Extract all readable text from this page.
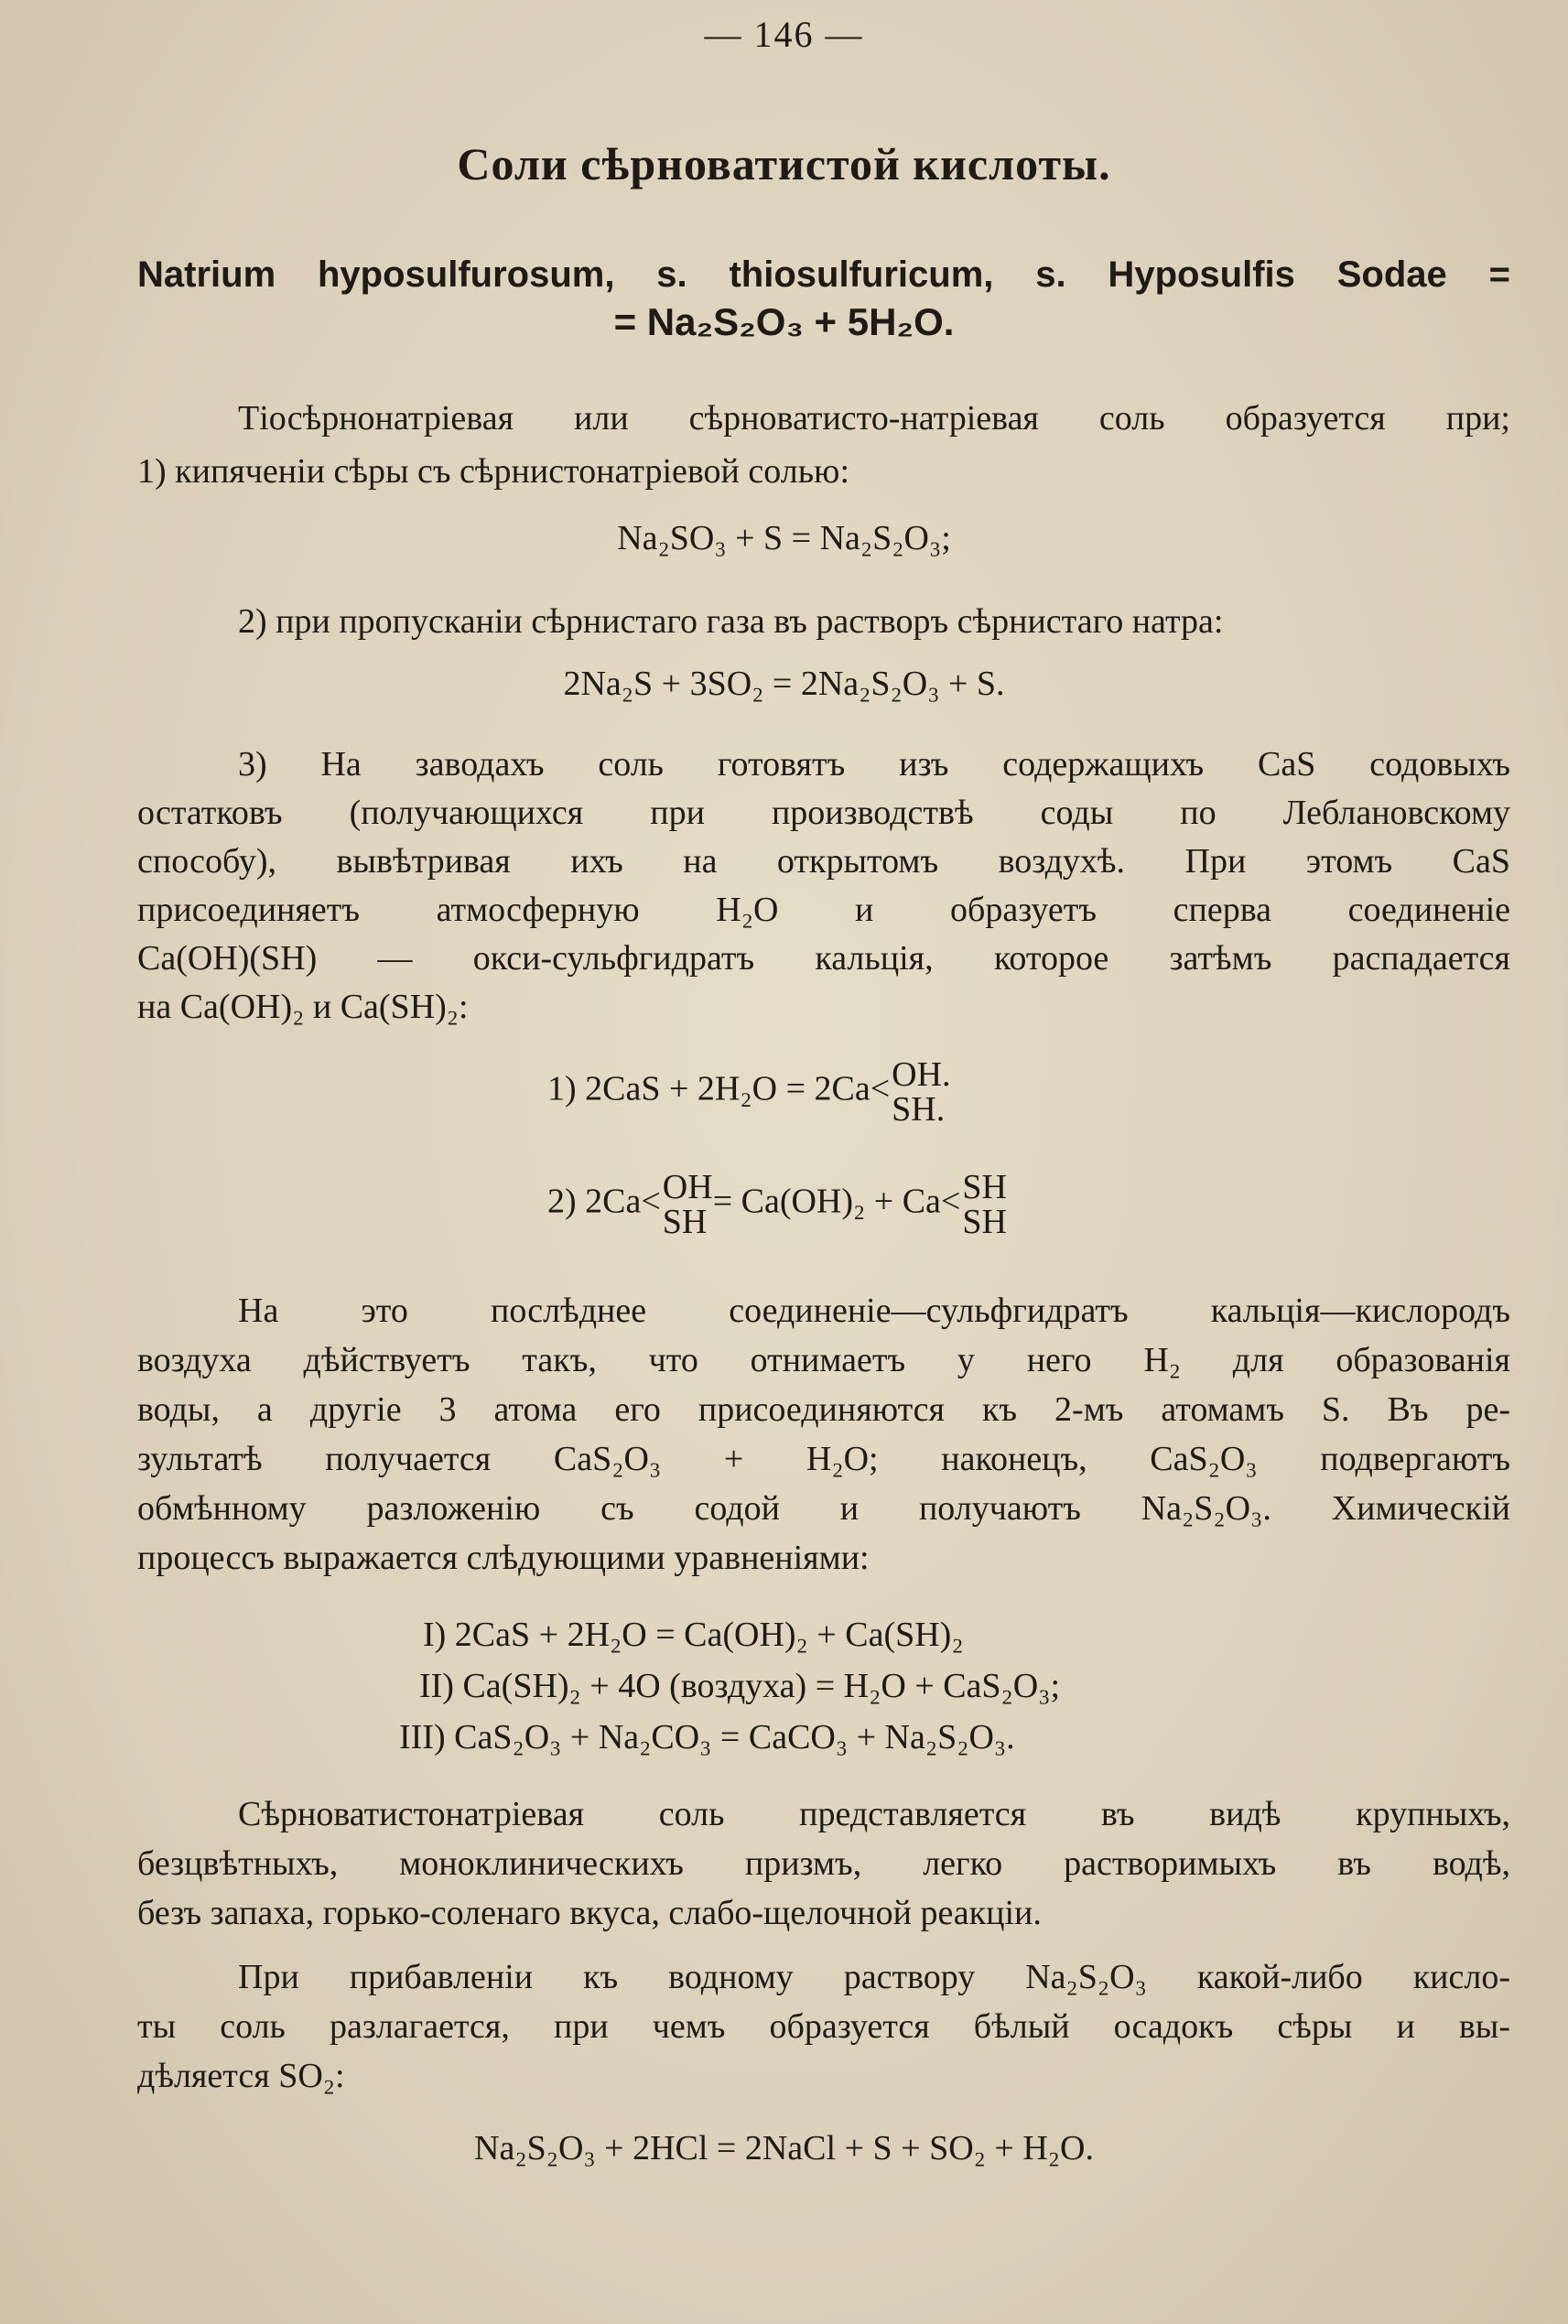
— 146 —
Соли сѣрноватистой кислоты.
Natrium hyposulfurosum, s. thiosulfuricum, s. Hyposulfis Sodae =
= Na₂S₂O₃ + 5H₂O.
Тіосѣрнонатріевая или сѣрноватисто-натріевая соль образуется при;
1) кипяченіи сѣры съ сѣрнистонатріевой солью:
Na₂SO₃ + S = Na₂S₂O₃;
2) при пропусканіи сѣрнистаго газа въ растворъ сѣрнистаго натра:
2Na₂S + 3SO₂ = 2Na₂S₂O₃ + S.
3) На заводахъ соль готовятъ изъ содержащихъ CaS содовыхъ
остатковъ (получающихся при производствѣ соды по Леблановскому
способу), вывѣтривая ихъ на открытомъ воздухѣ. При этомъ CaS
присоединяетъ атмосферную H₂O и образуетъ сперва соединеніе
Ca(OH)(SH) — окси-сульфгидратъ кальція, которое затѣмъ распадается
на Ca(OH)₂ и Ca(SH)₂:
1) 2CaS + 2H₂O = 2Ca< OH.
SH.
2) 2Ca< OH
SH
= Ca(OH)₂ + Ca< SH
SH
На это послѣднее соединеніе—сульфгидратъ кальція—кислородъ
воздуха дѣйствуетъ такъ, что отнимаетъ у него H₂ для образованія
воды, а другіе 3 атома его присоединяются къ 2-мъ атомамъ S. Въ ре-
зультатѣ получается CaS₂O₃ + H₂O; наконецъ, CaS₂O₃ подвергаютъ
обмѣнному разложенію съ содой и получаютъ Na₂S₂O₃. Химическій
процессъ выражается слѣдующими уравненіями:
I) 2CaS + 2H₂O = Ca(OH)₂ + Ca(SH)₂
II) Ca(SH)₂ + 4O (воздуха) = H₂O + CaS₂O₃;
III) CaS₂O₃ + Na₂CO₃ = CaCO₃ + Na₂S₂O₃.
Сѣрноватистонатріевая соль представляется въ видѣ крупныхъ,
безцвѣтныхъ, моноклиническихъ призмъ, легко растворимыхъ въ водѣ,
безъ запаха, горько-соленаго вкуса, слабо-щелочной реакціи.
При прибавленіи къ водному раствору Na₂S₂O₃ какой-либо кисло-
ты соль разлагается, при чемъ образуется бѣлый осадокъ сѣры и вы-
дѣляется SO₂:
Na₂S₂O₃ + 2HCl = 2NaCl + S + SO₂ + H₂O.
